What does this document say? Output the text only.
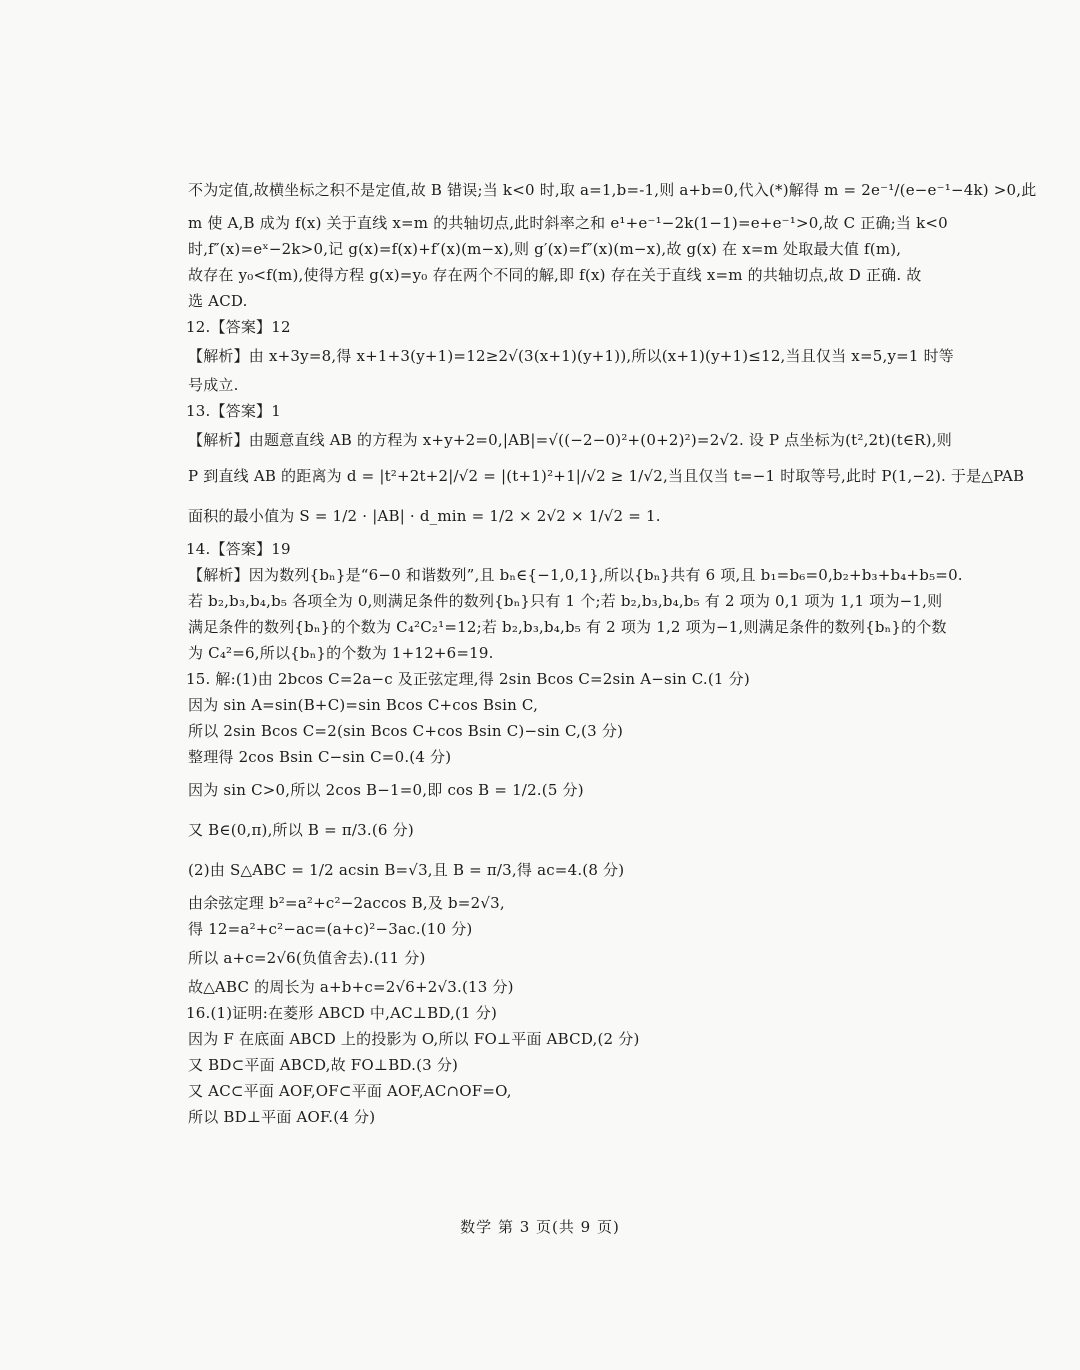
不为定值,故横坐标之积不是定值,故 B 错误;当 k<0 时,取 a=1,b=-1,则 a+b=0,代入(*)解得 m = 2e⁻¹/(e−e⁻¹−4k) >0,此
m 使 A,B 成为 f(x) 关于直线 x=m 的共轴切点,此时斜率之和 e¹+e⁻¹−2k(1−1)=e+e⁻¹>0,故 C 正确;当 k<0
时,f″(x)=eˣ−2k>0,记 g(x)=f(x)+f′(x)(m−x),则 g′(x)=f″(x)(m−x),故 g(x) 在 x=m 处取最大值 f(m),
故存在 y₀<f(m),使得方程 g(x)=y₀ 存在两个不同的解,即 f(x) 存在关于直线 x=m 的共轴切点,故 D 正确. 故
选 ACD.
12.【答案】12
【解析】由 x+3y=8,得 x+1+3(y+1)=12≥2√(3(x+1)(y+1)),所以(x+1)(y+1)≤12,当且仅当 x=5,y=1 时等
号成立.
13.【答案】1
【解析】由题意直线 AB 的方程为 x+y+2=0,|AB|=√((−2−0)²+(0+2)²)=2√2. 设 P 点坐标为(t²,2t)(t∈R),则
P 到直线 AB 的距离为 d = |t²+2t+2|/√2 = |(t+1)²+1|/√2 ≥ 1/√2,当且仅当 t=−1 时取等号,此时 P(1,−2). 于是△PAB
面积的最小值为 S = 1/2 · |AB| · d_min = 1/2 × 2√2 × 1/√2 = 1.
14.【答案】19
【解析】因为数列{bₙ}是“6−0 和谐数列”,且 bₙ∈{−1,0,1},所以{bₙ}共有 6 项,且 b₁=b₆=0,b₂+b₃+b₄+b₅=0.
若 b₂,b₃,b₄,b₅ 各项全为 0,则满足条件的数列{bₙ}只有 1 个;若 b₂,b₃,b₄,b₅ 有 2 项为 0,1 项为 1,1 项为−1,则
满足条件的数列{bₙ}的个数为 C₄²C₂¹=12;若 b₂,b₃,b₄,b₅ 有 2 项为 1,2 项为−1,则满足条件的数列{bₙ}的个数
为 C₄²=6,所以{bₙ}的个数为 1+12+6=19.
15. 解:(1)由 2bcos C=2a−c 及正弦定理,得 2sin Bcos C=2sin A−sin C.(1 分)
因为 sin A=sin(B+C)=sin Bcos C+cos Bsin C,
所以 2sin Bcos C=2(sin Bcos C+cos Bsin C)−sin C,(3 分)
整理得 2cos Bsin C−sin C=0.(4 分)
因为 sin C>0,所以 2cos B−1=0,即 cos B = 1/2.(5 分)
又 B∈(0,π),所以 B = π/3.(6 分)
(2)由 S△ABC = 1/2 acsin B=√3,且 B = π/3,得 ac=4.(8 分)
由余弦定理 b²=a²+c²−2accos B,及 b=2√3,
得 12=a²+c²−ac=(a+c)²−3ac.(10 分)
所以 a+c=2√6(负值舍去).(11 分)
故△ABC 的周长为 a+b+c=2√6+2√3.(13 分)
16.(1)证明:在菱形 ABCD 中,AC⊥BD,(1 分)
因为 F 在底面 ABCD 上的投影为 O,所以 FO⊥平面 ABCD,(2 分)
又 BD⊂平面 ABCD,故 FO⊥BD.(3 分)
又 AC⊂平面 AOF,OF⊂平面 AOF,AC∩OF=O,
所以 BD⊥平面 AOF.(4 分)
数学 第 3 页(共 9 页)
